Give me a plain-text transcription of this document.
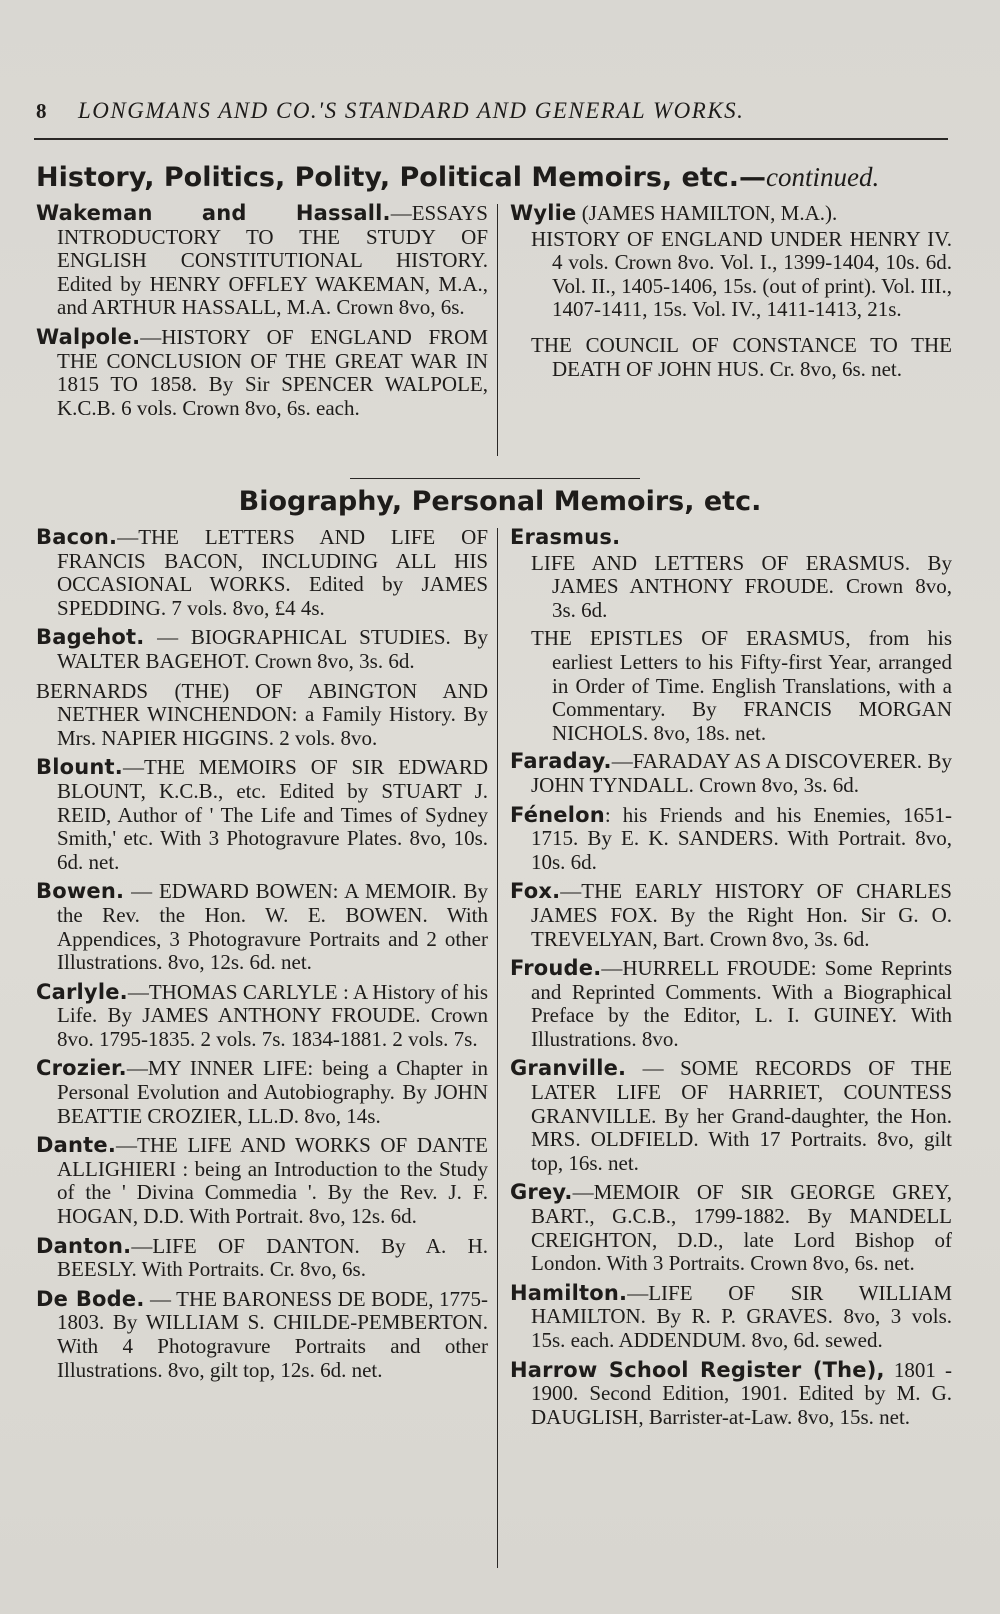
8 LONGMANS AND CO.'S STANDARD AND GENERAL WORKS.
History, Politics, Polity, Political Memoirs, etc.—continued.

Wakeman and Hassall.—ESSAYS INTRODUCTORY TO THE STUDY OF ENGLISH CONSTITUTIONAL HISTORY. Edited by HENRY OFFLEY WAKEMAN, M.A., and ARTHUR HASSALL, M.A. Crown 8vo, 6s.

Walpole.—HISTORY OF ENGLAND FROM THE CONCLUSION OF THE GREAT WAR IN 1815 TO 1858. By Sir SPENCER WALPOLE, K.C.B. 6 vols. Crown 8vo, 6s. each.

Wylie (JAMES HAMILTON, M.A.).

HISTORY OF ENGLAND UNDER HENRY IV. 4 vols. Crown 8vo. Vol. I., 1399-1404, 10s. 6d. Vol. II., 1405-1406, 15s. (out of print). Vol. III., 1407-1411, 15s. Vol. IV., 1411-1413, 21s.

THE COUNCIL OF CONSTANCE TO THE DEATH OF JOHN HUS. Cr. 8vo, 6s. net.

Biography, Personal Memoirs, etc.

Bacon.—THE LETTERS AND LIFE OF FRANCIS BACON, INCLUDING ALL HIS OCCASIONAL WORKS. Edited by JAMES SPEDDING. 7 vols. 8vo, £4 4s.

Bagehot. — BIOGRAPHICAL STUDIES. By WALTER BAGEHOT. Crown 8vo, 3s. 6d.

BERNARDS (THE) OF ABINGTON AND NETHER WINCHENDON: a Family History. By Mrs. NAPIER HIGGINS. 2 vols. 8vo.

Blount.—THE MEMOIRS OF SIR EDWARD BLOUNT, K.C.B., etc. Edited by STUART J. REID, Author of ' The Life and Times of Sydney Smith,' etc. With 3 Photogravure Plates. 8vo, 10s. 6d. net.

Bowen. — EDWARD BOWEN: A MEMOIR. By the Rev. the Hon. W. E. BOWEN. With Appendices, 3 Photogravure Portraits and 2 other Illustrations. 8vo, 12s. 6d. net.

Carlyle.—THOMAS CARLYLE : A History of his Life. By JAMES ANTHONY FROUDE. Crown 8vo. 1795-1835. 2 vols. 7s. 1834-1881. 2 vols. 7s.

Crozier.—MY INNER LIFE: being a Chapter in Personal Evolution and Autobiography. By JOHN BEATTIE CROZIER, LL.D. 8vo, 14s.

Dante.—THE LIFE AND WORKS OF DANTE ALLIGHIERI : being an Introduction to the Study of the ' Divina Commedia '. By the Rev. J. F. HOGAN, D.D. With Portrait. 8vo, 12s. 6d.

Danton.—LIFE OF DANTON. By A. H. BEESLY. With Portraits. Cr. 8vo, 6s.

De Bode. — THE BARONESS DE BODE, 1775-1803. By WILLIAM S. CHILDE-PEMBERTON. With 4 Photogravure Portraits and other Illustrations. 8vo, gilt top, 12s. 6d. net.

Erasmus.

LIFE AND LETTERS OF ERASMUS. By JAMES ANTHONY FROUDE. Crown 8vo, 3s. 6d.

THE EPISTLES OF ERASMUS, from his earliest Letters to his Fifty-first Year, arranged in Order of Time. English Translations, with a Commentary. By FRANCIS MORGAN NICHOLS. 8vo, 18s. net.

Faraday.—FARADAY AS A DISCOVERER. By JOHN TYNDALL. Crown 8vo, 3s. 6d.

Fénelon: his Friends and his Enemies, 1651-1715. By E. K. SANDERS. With Portrait. 8vo, 10s. 6d.

Fox.—THE EARLY HISTORY OF CHARLES JAMES FOX. By the Right Hon. Sir G. O. TREVELYAN, Bart. Crown 8vo, 3s. 6d.

Froude.—HURRELL FROUDE: Some Reprints and Reprinted Comments. With a Biographical Preface by the Editor, L. I. GUINEY. With Illustrations. 8vo.

Granville. — SOME RECORDS OF THE LATER LIFE OF HARRIET, COUNTESS GRANVILLE. By her Grand-daughter, the Hon. MRS. OLDFIELD. With 17 Portraits. 8vo, gilt top, 16s. net.

Grey.—MEMOIR OF SIR GEORGE GREY, BART., G.C.B., 1799-1882. By MANDELL CREIGHTON, D.D., late Lord Bishop of London. With 3 Portraits. Crown 8vo, 6s. net.

Hamilton.—LIFE OF SIR WILLIAM HAMILTON. By R. P. GRAVES. 8vo, 3 vols. 15s. each. ADDENDUM. 8vo, 6d. sewed.

Harrow School Register (The), 1801 - 1900. Second Edition, 1901. Edited by M. G. DAUGLISH, Barrister-at-Law. 8vo, 15s. net.
